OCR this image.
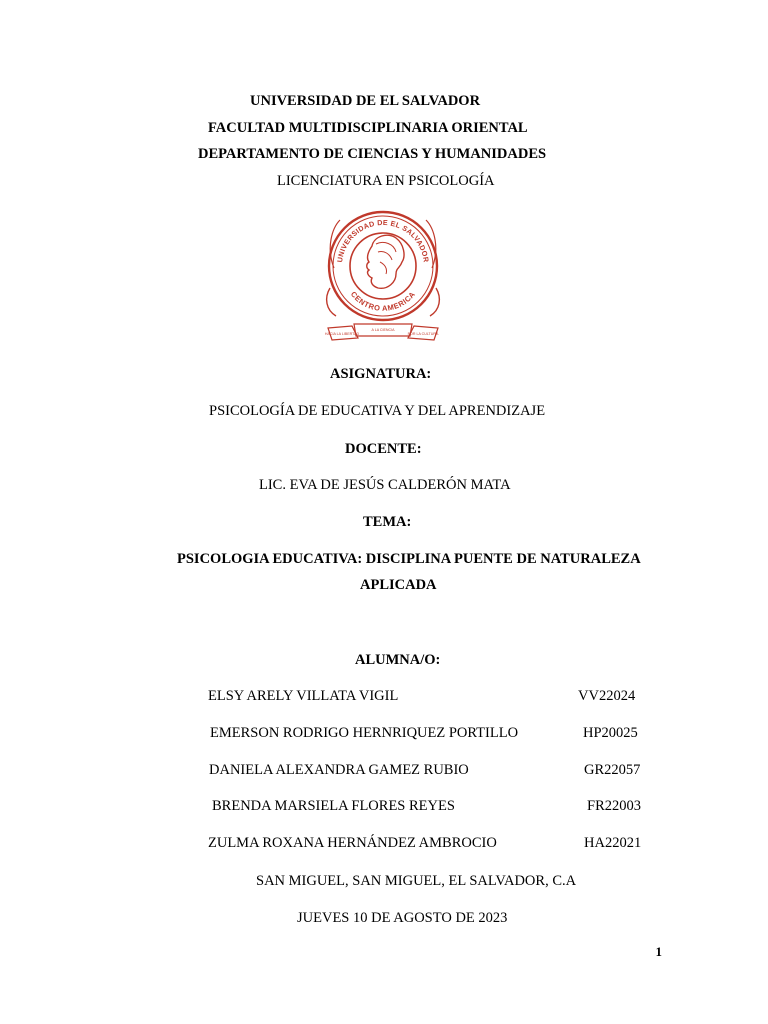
UNIVERSIDAD DE EL SALVADOR
FACULTAD MULTIDISCIPLINARIA ORIENTAL
DEPARTAMENTO DE CIENCIAS Y HUMANIDADES
LICENCIATURA EN PSICOLOGÍA
UNIVERSIDAD DE EL SALVADOR
CENTRO AMERICA
HACIA LA LIBERTAD
A LA CIENCIA
POR LA CULTURA
ASIGNATURA:
PSICOLOGÍA DE EDUCATIVA Y DEL APRENDIZAJE
DOCENTE:
LIC. EVA DE JESÚS CALDERÓN MATA
TEMA:
PSICOLOGIA EDUCATIVA: DISCIPLINA PUENTE DE NATURALEZA
APLICADA
ALUMNA/O:
ELSY ARELY VILLATA VIGIL	VV22024
EMERSON RODRIGO HERNRIQUEZ PORTILLO	HP20025
DANIELA ALEXANDRA GAMEZ RUBIO	GR22057
BRENDA MARSIELA FLORES REYES	FR22003
ZULMA ROXANA HERNÁNDEZ AMBROCIO	HA22021
SAN MIGUEL, SAN MIGUEL, EL SALVADOR, C.A
JUEVES 10 DE AGOSTO DE 2023
1
